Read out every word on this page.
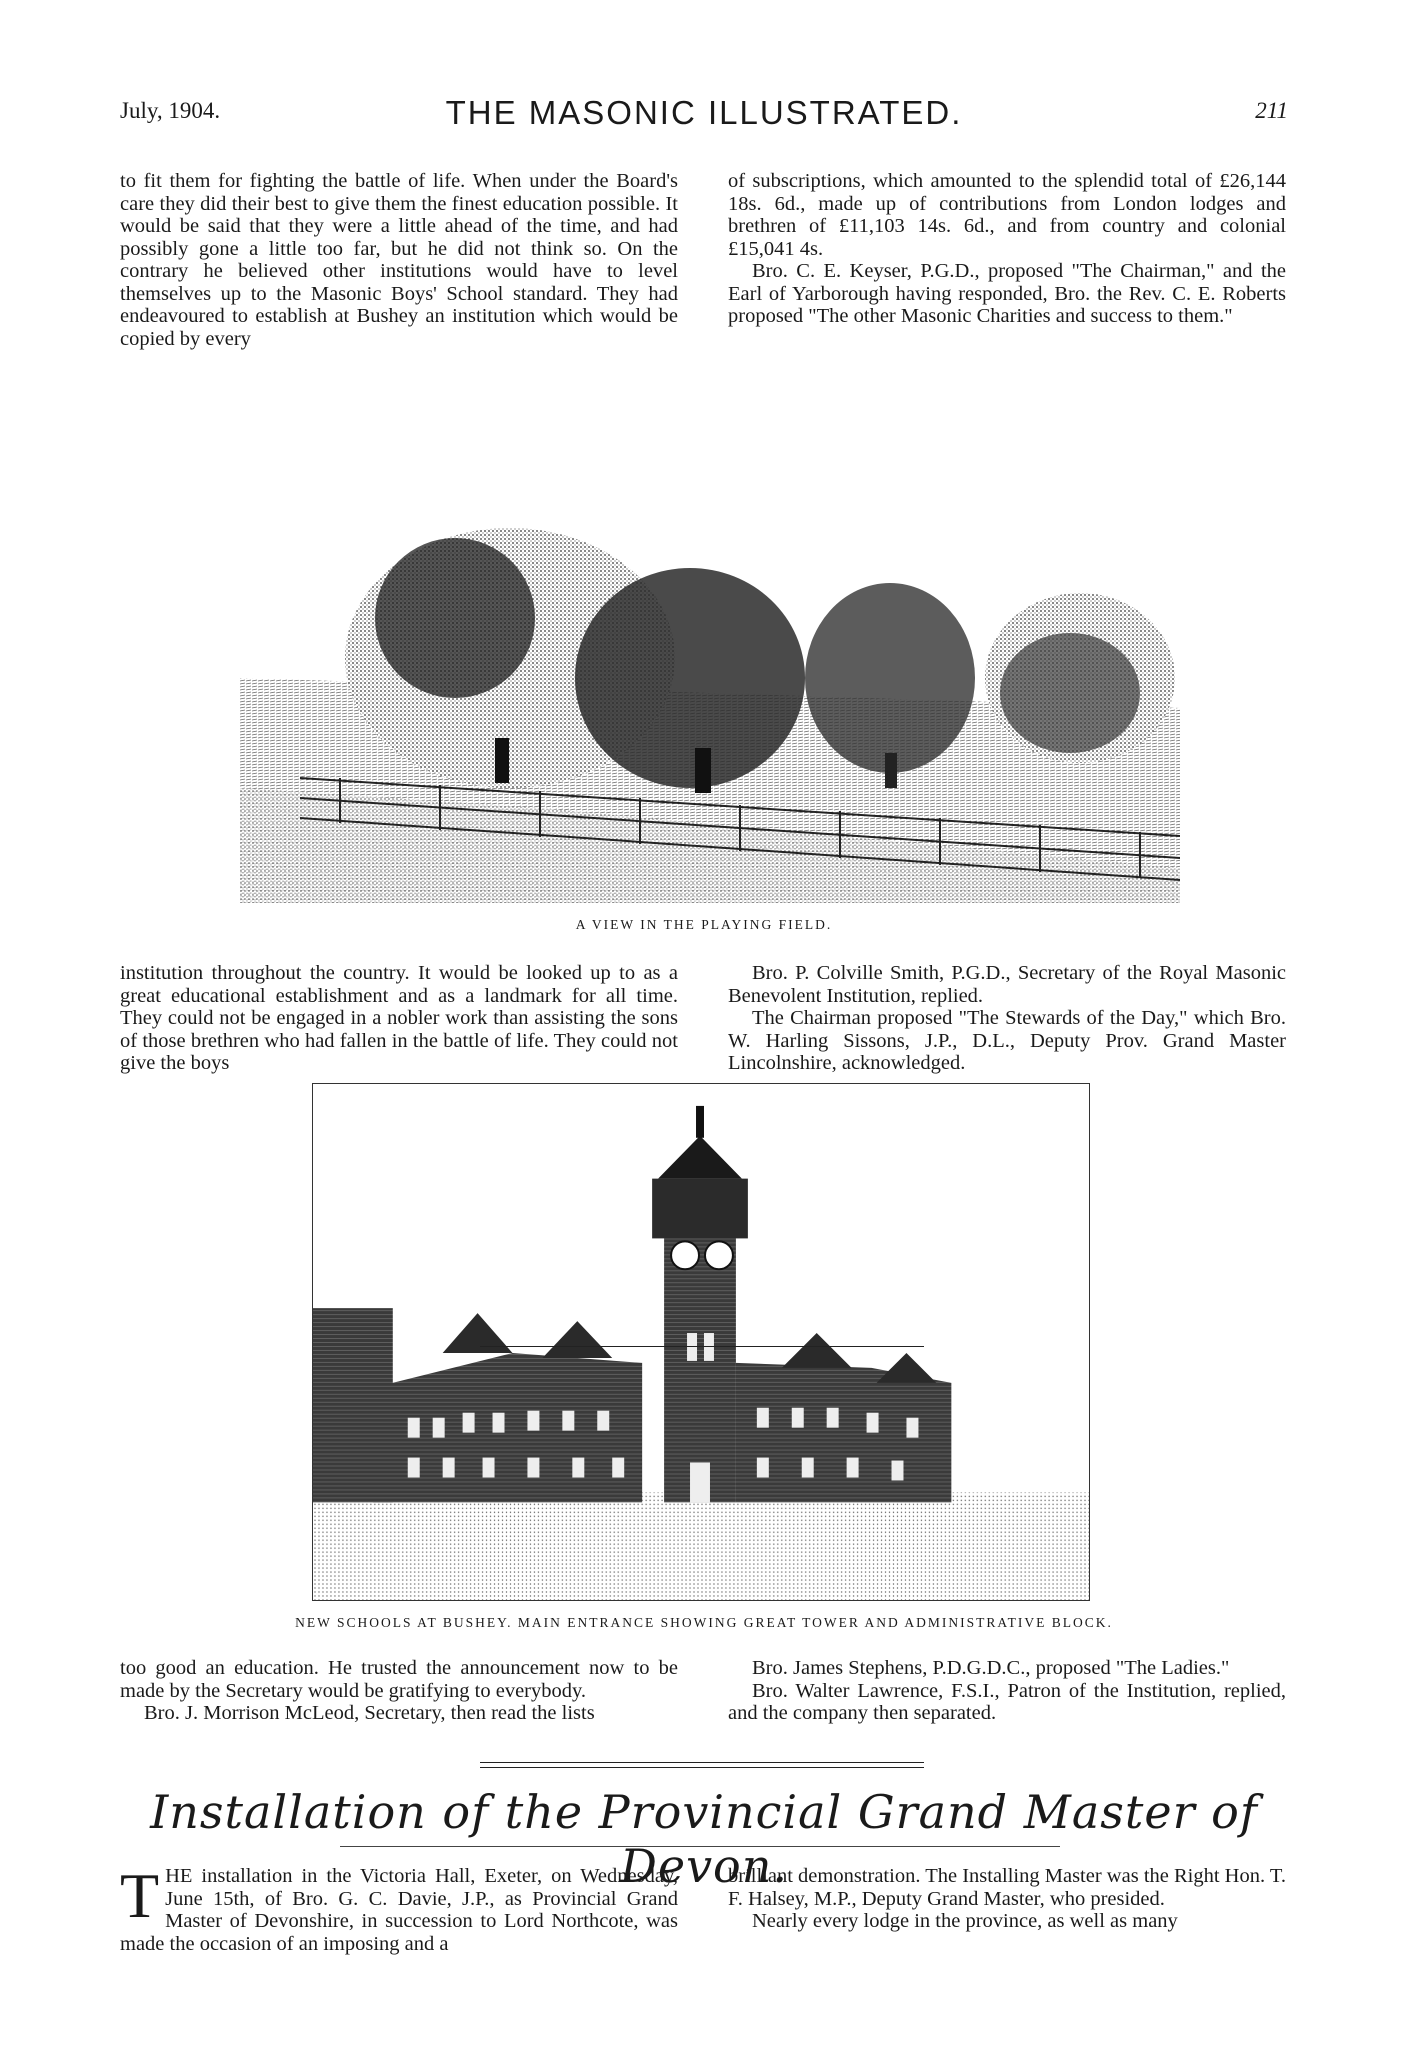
July, 1904.	THE MASONIC ILLUSTRATED.	211

to fit them for fighting the battle of life. When under the Board's care they did their best to give them the finest education possible. It would be said that they were a little ahead of the time, and had possibly gone a little too far, but he did not think so. On the contrary he believed other institutions would have to level themselves up to the Masonic Boys' School standard. They had endeavoured to establish at Bushey an institution which would be copied by every

of subscriptions, which amounted to the splendid total of £26,144 18s. 6d., made up of contributions from London lodges and brethren of £11,103 14s. 6d., and from country and colonial £15,041 4s.

Bro. C. E. Keyser, P.G.D., proposed "The Chairman," and the Earl of Yarborough having responded, Bro. the Rev. C. E. Roberts proposed "The other Masonic Charities and success to them."

A VIEW IN THE PLAYING FIELD.

institution throughout the country. It would be looked up to as a great educational establishment and as a landmark for all time. They could not be engaged in a nobler work than assisting the sons of those brethren who had fallen in the battle of life. They could not give the boys

Bro. P. Colville Smith, P.G.D., Secretary of the Royal Masonic Benevolent Institution, replied.

The Chairman proposed "The Stewards of the Day," which Bro. W. Harling Sissons, J.P., D.L., Deputy Prov. Grand Master Lincolnshire, acknowledged.

NEW SCHOOLS AT BUSHEY. MAIN ENTRANCE SHOWING GREAT TOWER AND ADMINISTRATIVE BLOCK.

too good an education. He trusted the announcement now to be made by the Secretary would be gratifying to everybody.

Bro. J. Morrison McLeod, Secretary, then read the lists

Bro. James Stephens, P.D.G.D.C., proposed "The Ladies."

Bro. Walter Lawrence, F.S.I., Patron of the Institution, replied, and the company then separated.

Installation of the Provincial Grand Master of Devon.

THE installation in the Victoria Hall, Exeter, on Wednesday, June 15th, of Bro. G. C. Davie, J.P., as Provincial Grand Master of Devonshire, in succession to Lord Northcote, was made the occasion of an imposing and a

brilliant demonstration. The Installing Master was the Right Hon. T. F. Halsey, M.P., Deputy Grand Master, who presided.

Nearly every lodge in the province, as well as many
